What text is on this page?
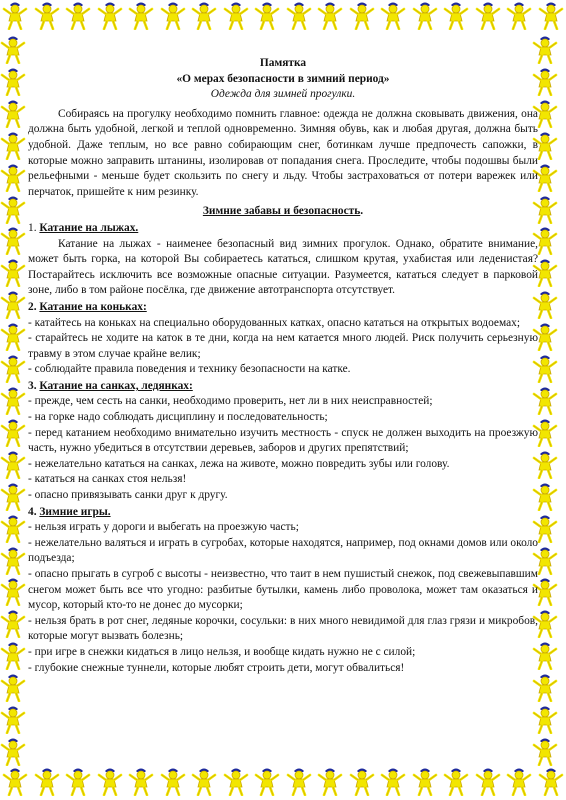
Памятка
«О мерах безопасности в зимний период»
Одежда для зимней прогулки.

Собираясь на прогулку необходимо помнить главное: одежда не должна сковывать движения, она должна быть удобной, легкой и теплой одновременно. Зимняя обувь, как и любая другая, должна быть удобной. Даже теплым, но все равно собирающим снег, ботинкам лучше предпочесть сапожки, в которые можно заправить штанины, изолировав от попадания снега. Проследите, чтобы подошвы были рельефными - меньше будет скользить по снегу и льду. Чтобы застраховаться от потери варежек или перчаток, пришейте к ним резинку.

Зимние забавы и безопасность.
1. Катание на лыжах.

Катание на лыжах - наименее безопасный вид зимних прогулок. Однако, обратите внимание, может быть горка, на которой Вы собираетесь кататься, слишком крутая, ухабистая или леденистая? Постарайтесь исключить все возможные опасные ситуации. Разумеется, кататься следует в парковой зоне, либо в том районе посёлка, где движение автотранспорта отсутствует.

2. Катание на коньках:
- катайтесь на коньках на специально оборудованных катках, опасно кататься на открытых водоемах;
- старайтесь не ходите на каток в те дни, когда на нем катается много людей. Риск получить серьезную травму в этом случае крайне велик;
- соблюдайте правила поведения и технику безопасности на катке.
3. Катание на санках, ледянках:
- прежде, чем сесть на санки, необходимо проверить, нет ли в них неисправностей;
- на горке надо соблюдать дисциплину и последовательность;
- перед катанием необходимо внимательно изучить местность - спуск не должен выходить на проезжую часть, нужно убедиться в отсутствии деревьев, заборов и других препятствий;
- нежелательно кататься на санках, лежа на животе, можно повредить зубы или голову.
- кататься на санках стоя нельзя!
- опасно привязывать санки друг к другу.
4. Зимние игры.
- нельзя играть у дороги и выбегать на проезжую часть;
- нежелательно валяться и играть в сугробах, которые находятся, например, под окнами домов или около подъезда;
- опасно прыгать в сугроб с высоты - неизвестно, что таит в нем пушистый снежок, под свежевыпавшим снегом может быть все что угодно: разбитые бутылки, камень либо проволока, может там оказаться и мусор, который кто-то не донес до мусорки;
- нельзя брать в рот снег, ледяные корочки, сосульки: в них много невидимой для глаз грязи и микробов, которые могут вызвать болезнь;
- при игре в снежки кидаться в лицо нельзя, и вообще кидать нужно не с силой;
- глубокие снежные туннели, которые любят строить дети, могут обвалиться!
